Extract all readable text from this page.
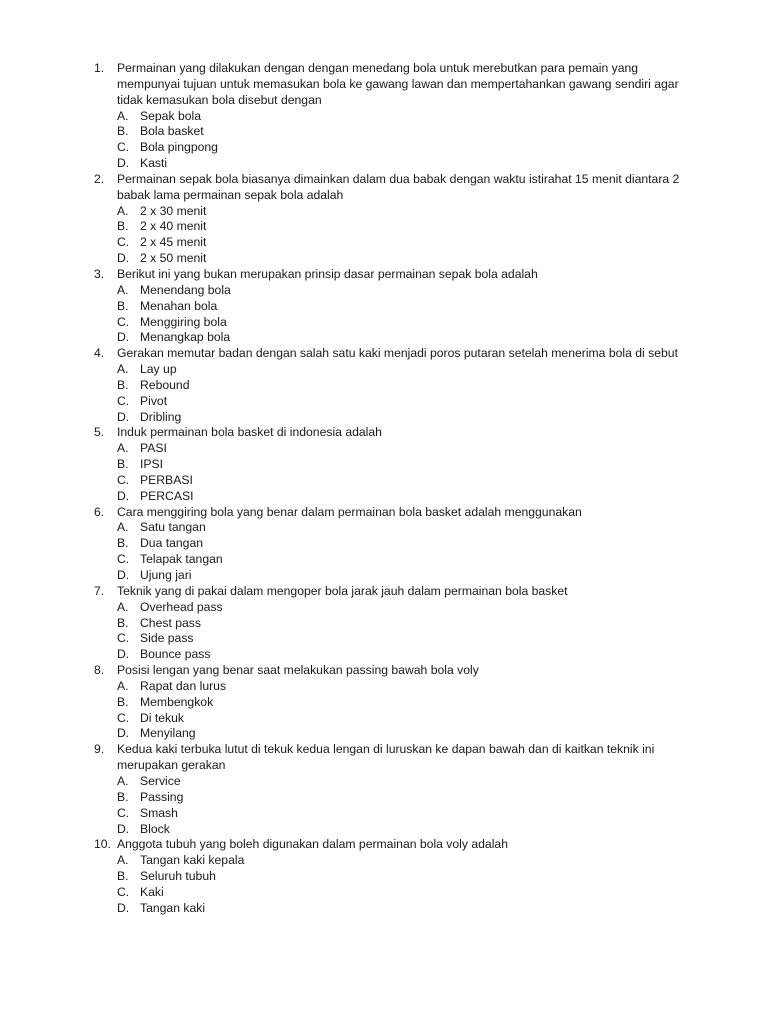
1. Permainan yang dilakukan dengan dengan menedang bola untuk merebutkan para pemain yang mempunyai tujuan untuk memasukan bola ke gawang lawan dan mempertahankan gawang sendiri agar tidak kemasukan bola disebut dengan
A. Sepak bola
B. Bola basket
C. Bola pingpong
D. Kasti
2. Permainan sepak bola biasanya dimainkan dalam dua babak dengan waktu istirahat 15 menit diantara 2 babak lama permainan sepak bola adalah
A. 2 x 30 menit
B. 2 x 40 menit
C. 2 x 45 menit
D. 2 x 50 menit
3. Berikut ini yang bukan merupakan prinsip dasar permainan sepak bola adalah
A. Menendang bola
B. Menahan bola
C. Menggiring bola
D. Menangkap bola
4. Gerakan memutar badan dengan salah satu kaki menjadi poros putaran setelah menerima bola di sebut
A. Lay up
B. Rebound
C. Pivot
D. Dribling
5. Induk permainan bola basket di indonesia adalah
A. PASI
B. IPSI
C. PERBASI
D. PERCASI
6. Cara menggiring bola yang benar dalam permainan bola basket adalah menggunakan
A. Satu tangan
B. Dua tangan
C. Telapak tangan
D. Ujung jari
7. Teknik yang di pakai dalam mengoper bola jarak jauh dalam permainan bola basket
A. Overhead pass
B. Chest pass
C. Side pass
D. Bounce pass
8. Posisi lengan yang benar saat melakukan passing bawah bola voly
A. Rapat dan lurus
B. Membengkok
C. Di tekuk
D. Menyilang
9. Kedua kaki terbuka lutut di tekuk kedua lengan di luruskan ke dapan bawah dan di kaitkan teknik ini merupakan gerakan
A. Service
B. Passing
C. Smash
D. Block
10. Anggota tubuh yang boleh digunakan dalam permainan bola voly adalah
A. Tangan kaki kepala
B. Seluruh tubuh
C. Kaki
D. Tangan kaki
